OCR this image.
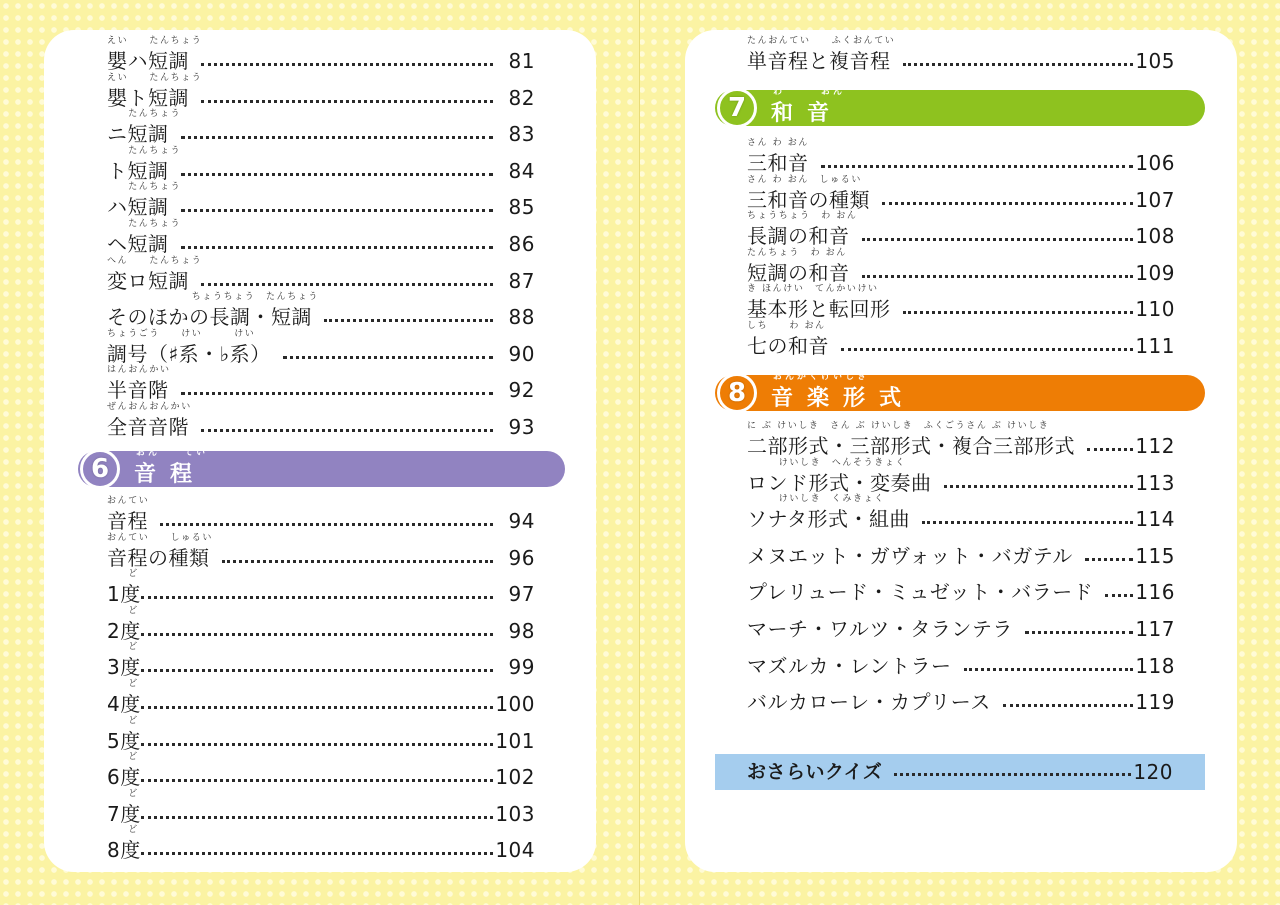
えい　　たんちょう
嬰ハ短調	81
えい　　たんちょう
嬰ト短調	82
　　たんちょう
ニ短調	83
　　たんちょう
ト短調	84
　　たんちょう
ハ短調	85
　　たんちょう
ヘ短調	86
へん　　たんちょう
変ロ短調	87
　　　　　　　　ちょうちょう　たんちょう
そのほかの長調・短調	88
ちょうごう　　けい　　　けい
調号（♯系・♭系）	90
はんおんかい
半音階	92
ぜんおんおんかい
全音音階	93
6
おん　　てい
音程
おんてい
音程	94
おんてい　　しゅるい
音程の種類	96
　　ど
1度	97
　　ど
2度	98
　　ど
3度	99
　　ど
4度	100
　　ど
5度	101
　　ど
6度	102
　　ど
7度	103
　　ど
8度	104
たんおんてい　　ふくおんてい
単音程と複音程	105
7
わ　　　おん
和音
さん わ おん
三和音	106
さん わ おん　しゅるい
三和音の種類	107
ちょうちょう　わ おん
長調の和音	108
たんちょう　わ おん
短調の和音	109
き ほんけい　てんかいけい
基本形と転回形	110
しち　　わ おん
七の和音	111
8
おんがくけいしき
音楽形式
に ぶ けいしき　さん ぶ けいしき　ふくごうさん ぶ けいしき
二部形式・三部形式・複合三部形式	112
　　　けいしき　へんそうきょく
ロンド形式・変奏曲	113
　　　けいしき　くみきょく
ソナタ形式・組曲	114
メヌエット・ガヴォット・バガテル	115
プレリュード・ミュゼット・バラード 116
マーチ・ワルツ・タランテラ	117
マズルカ・レントラー	118
バルカローレ・カプリース	119
おさらいクイズ	120
